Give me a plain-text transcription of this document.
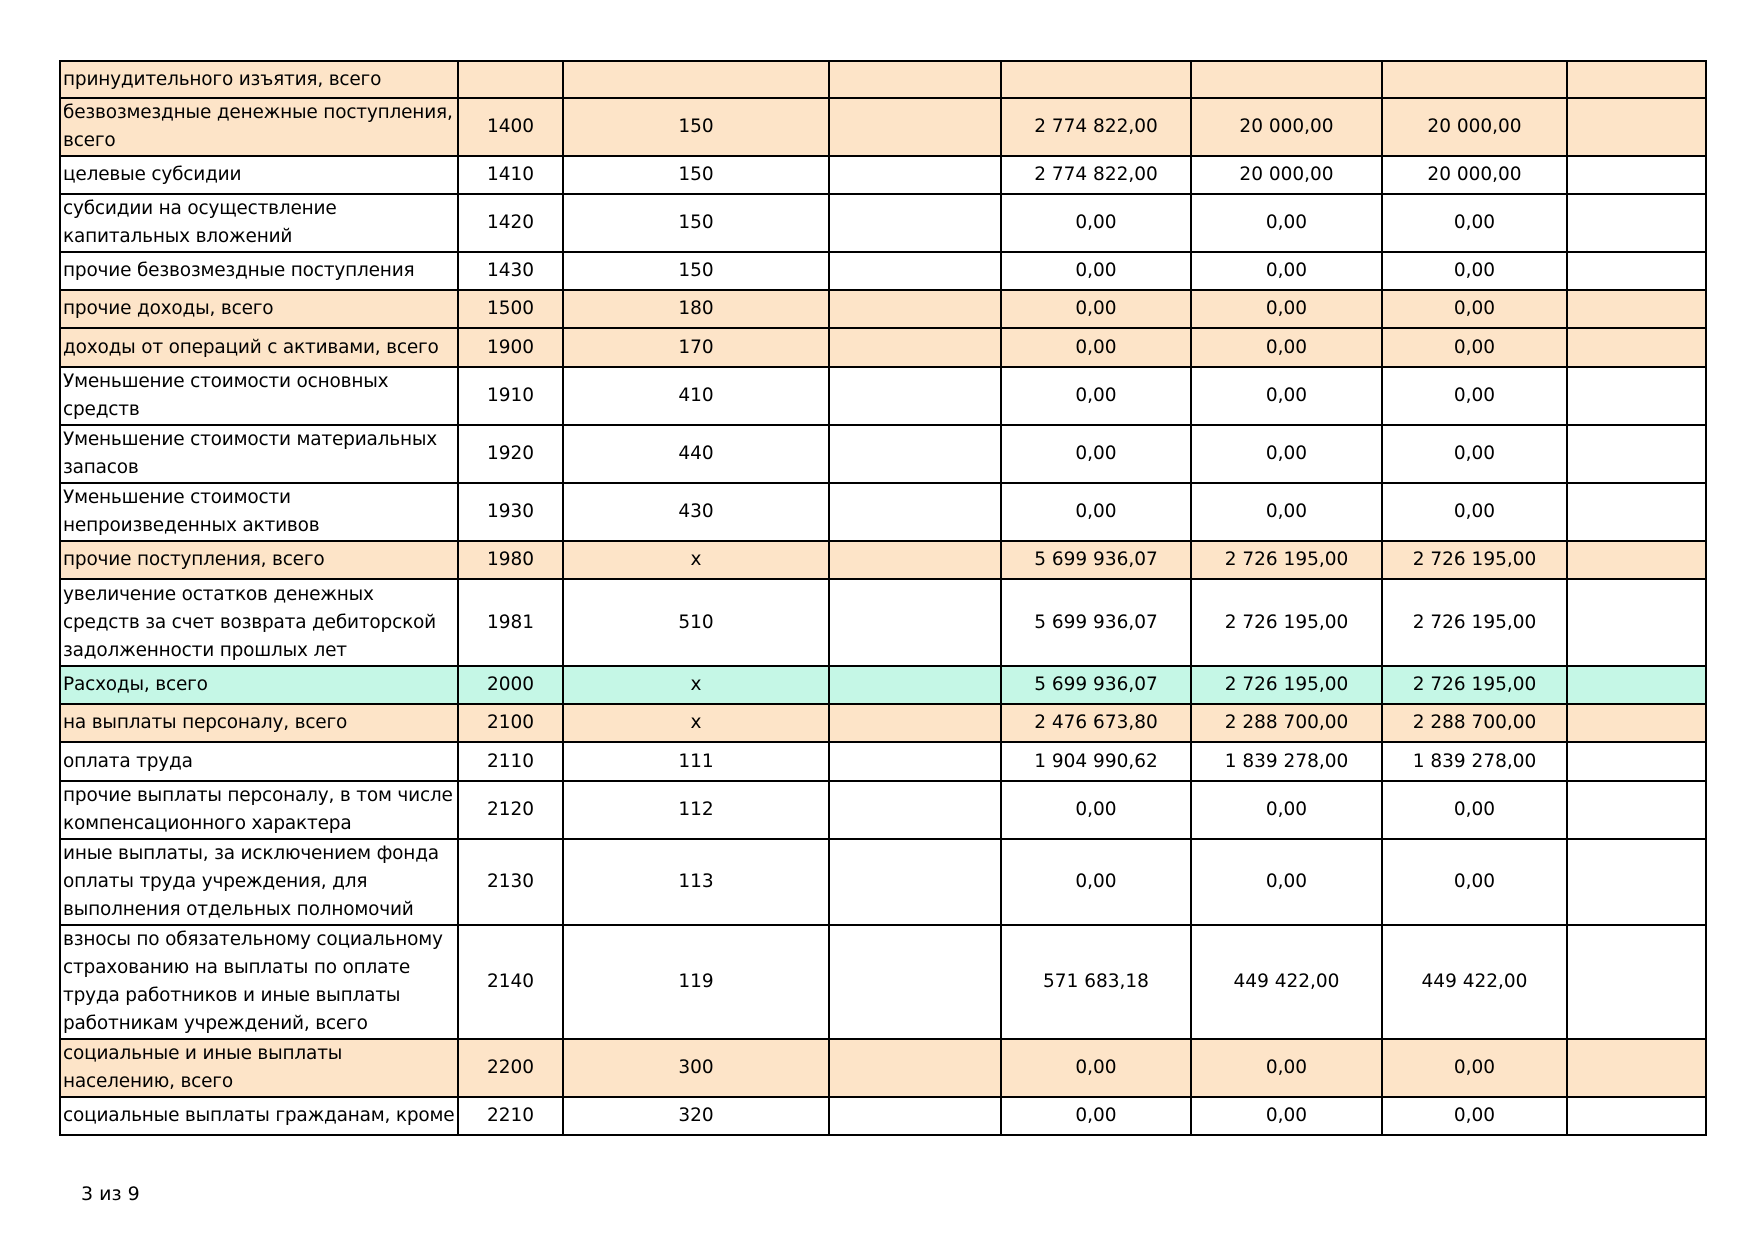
принудительного изъятия, всего							
безвозмездные денежные поступления, всего	1400	150		2 774 822,00	20 000,00	20 000,00	
целевые субсидии	1410	150		2 774 822,00	20 000,00	20 000,00	
субсидии на осуществление капитальных вложений	1420	150		0,00	0,00	0,00	
прочие безвозмездные поступления	1430	150		0,00	0,00	0,00	
прочие доходы, всего	1500	180		0,00	0,00	0,00	
доходы от операций с активами, всего	1900	170		0,00	0,00	0,00	
Уменьшение стоимости основных средств	1910	410		0,00	0,00	0,00	
Уменьшение стоимости материальных запасов	1920	440		0,00	0,00	0,00	
Уменьшение стоимости непроизведенных активов	1930	430		0,00	0,00	0,00	
прочие поступления, всего	1980	x		5 699 936,07	2 726 195,00	2 726 195,00	
увеличение остатков денежных средств за счет возврата дебиторской задолженности прошлых лет	1981	510		5 699 936,07	2 726 195,00	2 726 195,00	
Расходы, всего	2000	x		5 699 936,07	2 726 195,00	2 726 195,00	
на выплаты персоналу, всего	2100	x		2 476 673,80	2 288 700,00	2 288 700,00	
оплата труда	2110	111		1 904 990,62	1 839 278,00	1 839 278,00	
прочие выплаты персоналу, в том числе компенсационного характера	2120	112		0,00	0,00	0,00	
иные выплаты, за исключением фонда оплаты труда учреждения, для выполнения отдельных полномочий	2130	113		0,00	0,00	0,00	
взносы по обязательному социальному страхованию на выплаты по оплате труда работников и иные выплаты работникам учреждений, всего	2140	119		571 683,18	449 422,00	449 422,00	
социальные и иные выплаты населению, всего	2200	300		0,00	0,00	0,00	
социальные выплаты гражданам, кроме	2210	320		0,00	0,00	0,00	
3 из 9
